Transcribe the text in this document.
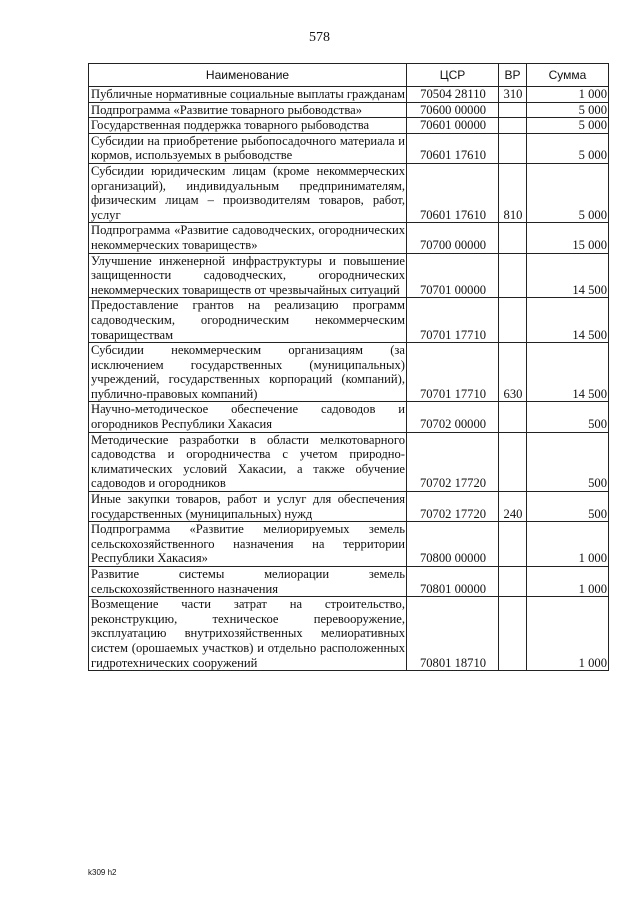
578
Наименование	ЦСР	ВР	Сумма
Публичные нормативные социальные выплаты гражданам	70504 28110	310	1 000
Подпрограмма «Развитие товарного рыбоводства»	70600 00000		5 000
Государственная поддержка товарного рыбоводства	70601 00000		5 000
Субсидии на приобретение рыбопосадочного материала и кормов, используемых в рыбоводстве	70601 17610		5 000
Субсидии юридическим лицам (кроме некоммерческих организаций), индивидуальным предпринимателям, физическим лицам – производителям товаров, работ, услуг	70601 17610	810	5 000
Подпрограмма «Развитие садоводческих, огороднических некоммерческих товариществ»	70700 00000		15 000
Улучшение инженерной инфраструктуры и повышение защищенности садоводческих, огороднических некоммерческих товариществ от чрезвычайных ситуаций	70701 00000		14 500
Предоставление грантов на реализацию программ садоводческим, огородническим некоммерческим товариществам	70701 17710		14 500
Субсидии некоммерческим организациям (за исключением государственных (муниципальных) учреждений, государственных корпораций (компаний), публично-правовых компаний)	70701 17710	630	14 500
Научно-методическое обеспечение садоводов и огородников Республики Хакасия	70702 00000		500
Методические разработки в области мелкотоварного садоводства и огородничества с учетом природно-климатических условий Хакасии, а также обучение садоводов и огородников	70702 17720		500
Иные закупки товаров, работ и услуг для обеспечения государственных (муниципальных) нужд	70702 17720	240	500
Подпрограмма «Развитие мелиорируемых земель сельскохозяйственного назначения на территории Республики Хакасия»	70800 00000		1 000
Развитие системы мелиорации земель сельскохозяйственного назначения	70801 00000		1 000
Возмещение части затрат на строительство, реконструкцию, техническое перевооружение, эксплуатацию внутрихозяйственных мелиоративных систем (орошаемых участков) и отдельно расположенных гидротехнических сооружений	70801 18710		1 000
k309 h2
